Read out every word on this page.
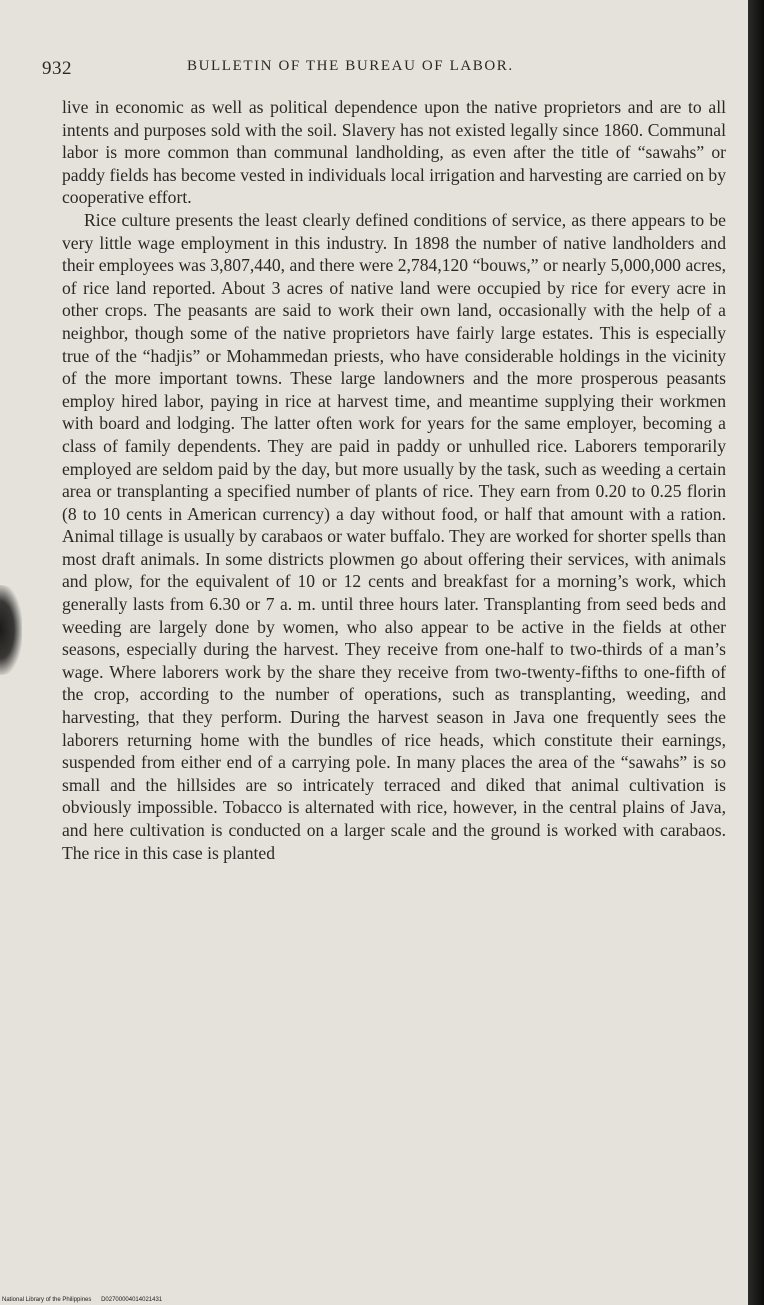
932	BULLETIN OF THE BUREAU OF LABOR.

live in economic as well as political dependence upon the native proprietors and are to all intents and purposes sold with the soil. Slavery has not existed legally since 1860. Communal labor is more common than communal landholding, as even after the title of “sawahs” or paddy fields has become vested in individuals local irrigation and harvesting are carried on by cooperative effort.

Rice culture presents the least clearly defined conditions of service, as there appears to be very little wage employment in this industry. In 1898 the number of native landholders and their employees was 3,807,440, and there were 2,784,120 “bouws,” or nearly 5,000,000 acres, of rice land reported. About 3 acres of native land were occupied by rice for every acre in other crops. The peasants are said to work their own land, occasionally with the help of a neighbor, though some of the native proprietors have fairly large estates. This is especially true of the “hadjis” or Mohammedan priests, who have considerable holdings in the vicinity of the more important towns. These large landowners and the more prosperous peasants employ hired labor, paying in rice at harvest time, and meantime supplying their workmen with board and lodging. The latter often work for years for the same employer, becoming a class of family dependents. They are paid in paddy or unhulled rice. Laborers temporarily employed are seldom paid by the day, but more usually by the task, such as weeding a certain area or transplanting a specified number of plants of rice. They earn from 0.20 to 0.25 florin (8 to 10 cents in American currency) a day without food, or half that amount with a ration. Animal tillage is usually by carabaos or water buffalo. They are worked for shorter spells than most draft animals. In some districts plowmen go about offering their services, with animals and plow, for the equivalent of 10 or 12 cents and breakfast for a morning’s work, which generally lasts from 6.30 or 7 a. m. until three hours later. Transplanting from seed beds and weeding are largely done by women, who also appear to be active in the fields at other seasons, especially during the harvest. They receive from one-half to two-thirds of a man’s wage. Where laborers work by the share they receive from two-twenty-fifths to one-fifth of the crop, according to the number of operations, such as transplanting, weeding, and harvesting, that they perform. During the harvest season in Java one frequently sees the laborers returning home with the bundles of rice heads, which constitute their earnings, suspended from either end of a carrying pole. In many places the area of the “sawahs” is so small and the hillsides are so intricately terraced and diked that animal cultivation is obviously impossible. Tobacco is alternated with rice, however, in the central plains of Java, and here cultivation is conducted on a larger scale and the ground is worked with carabaos. The rice in this case is planted

National Library of the Philippines D02700004014021431
